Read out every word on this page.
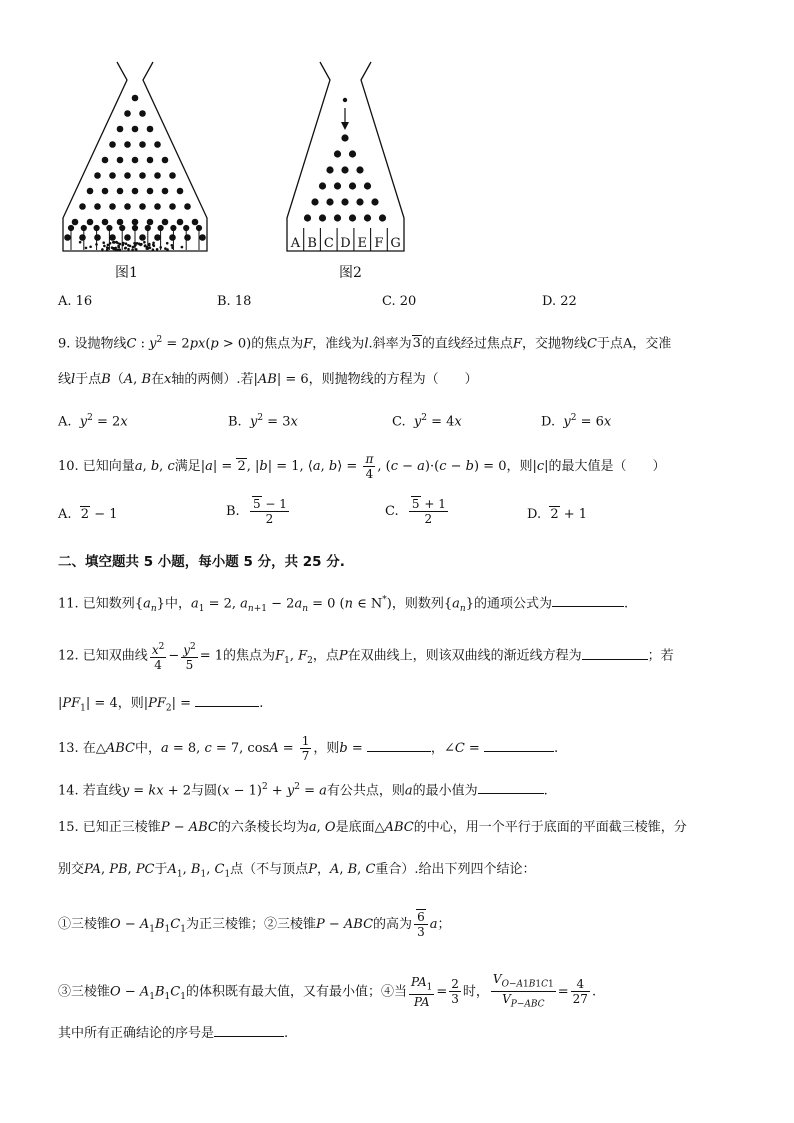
图1
A B C D E F G
图2
A. 16	B. 18	C. 20	D. 22
9. 设抛物线C : $y^2 = 2px(p > 0)$的焦点为F，准线为l.斜率为3的直线经过焦点F，交抛物线C于点A，交准
线l于点B（A, B在x轴的两侧）.若|AB| = 6，则抛物线的方程为（　　）
A. $y^2 = 2x$	B. $y^2 = 3x$	C. $y^2 = 4x$	D. $y^2 = 6x$
10. 已知向量a, b, c满足|a| = 2, |b| = 1, ⟨a, b⟩ = $\frac{\pi}{4}$ , (c − a)·(c − b) = 0，则|c|的最大值是（　　）
A. 2 − 1	B. $\frac{5 - 1}{2}$	C. $\frac{5 + 1}{2}$	D. 2 + 1
二、填空题共 5 小题，每小题 5 分，共 25 分.
11. 已知数列$\{a_n\}$中，$a_1 = 2$, $a_{n+1} - 2a_n = 0$ (n ∈ N*)，则数列$\{a_n\}$的通项公式为	.
12. 已知双曲线 $\frac{x^2}{4} - \frac{y^2}{5} = 1$的焦点为$F_1$, $F_2$，点P在双曲线上，则该双曲线的渐近线方程为	；若
$|PF_1| = 4$，则$|PF_2|$ =	.
13. 在△ABC中，a = 8, c = 7, $\cos A = \frac{1}{7}$ ，则b =	，∠C =	.
14. 若直线y = kx + 2与圆$(x - 1)^2 + y^2 = a$有公共点，则a的最小值为	.
15. 已知正三棱锥P − ABC的六条棱长均为a, O是底面△ABC的中心，用一个平行于底面的平面截三棱锥，分
别交PA, PB, PC于$A_1$, $B_1$, $C_1$点（不与顶点P，A, B, C重合）.给出下列四个结论：
①三棱锥$O - A_1B_1C_1$为正三棱锥；②三棱锥P − ABC的高为 $\frac{6}{3}$ a；
③三棱锥$O - A_1B_1C_1$的体积既有最大值，又有最小值；④当 $\frac{PA_1}{PA} = \frac{2}{3}$ 时， $\frac{V_{O-A1B1C1}}{V_{P-ABC}} = \frac{4}{27}$ .
其中所有正确结论的序号是	.
